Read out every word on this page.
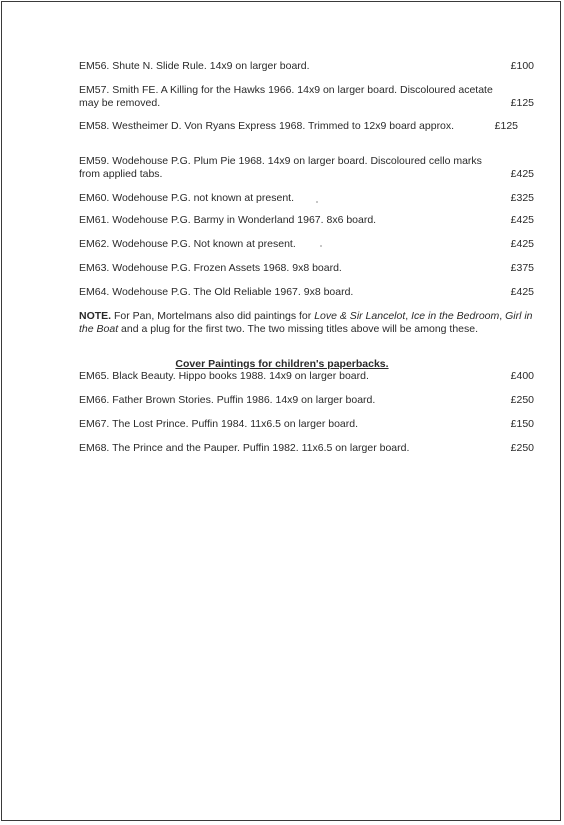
EM56. Shute N. Slide Rule. 14x9 on larger board.	£100
EM57. Smith FE. A Killing for the Hawks 1966. 14x9 on larger board. Discoloured acetate may be removed.	£125
EM58. Westheimer D. Von Ryans Express 1968. Trimmed to 12x9 board approx.	£125
EM59. Wodehouse P.G. Plum Pie 1968. 14x9 on larger board. Discoloured cello marks from applied tabs.	£425
EM60. Wodehouse P.G. not known at present.	£325
EM61. Wodehouse P.G. Barmy in Wonderland 1967. 8x6 board.	£425
EM62. Wodehouse P.G. Not known at present.	£425
EM63. Wodehouse P.G. Frozen Assets 1968. 9x8 board.	£375
EM64. Wodehouse P.G. The Old Reliable 1967. 9x8 board.	£425
NOTE. For Pan, Mortelmans also did paintings for Love & Sir Lancelot, Ice in the Bedroom, Girl in the Boat and a plug for the first two. The two missing titles above will be among these.
Cover Paintings for children's paperbacks.
EM65. Black Beauty. Hippo books 1988. 14x9 on larger board.	£400
EM66. Father Brown Stories. Puffin 1986. 14x9 on larger board.	£250
EM67. The Lost Prince. Puffin 1984. 11x6.5 on larger board.	£150
EM68. The Prince and the Pauper. Puffin 1982. 11x6.5 on larger board.	£250
